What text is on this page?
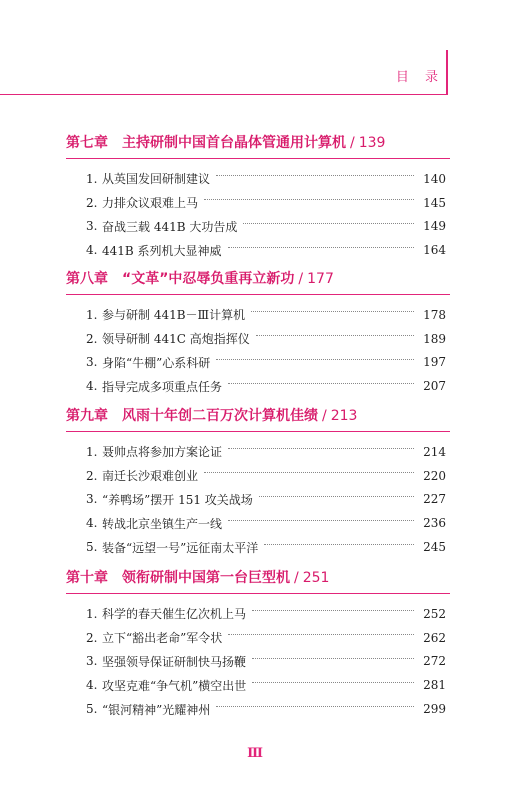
目 录
第七章 主持研制中国首台晶体管通用计算机 / 139
1. 从英国发回研制建议	140
2. 力排众议艰难上马	145
3. 奋战三载 441B 大功告成	149
4. 441B 系列机大显神威	164
第八章 “文革”中忍辱负重再立新功 / 177
1. 参与研制 441B－Ⅲ计算机	178
2. 领导研制 441C 高炮指挥仪	189
3. 身陷“牛棚”心系科研	197
4. 指导完成多项重点任务	207
第九章 风雨十年创二百万次计算机佳绩 / 213
1. 聂帅点将参加方案论证	214
2. 南迁长沙艰难创业	220
3. “养鸭场”摆开 151 攻关战场	227
4. 转战北京坐镇生产一线	236
5. 装备“远望一号”远征南太平洋	245
第十章 领衔研制中国第一台巨型机 / 251
1. 科学的春天催生亿次机上马	252
2. 立下“豁出老命”军令状	262
3. 坚强领导保证研制快马扬鞭	272
4. 攻坚克难“争气机”横空出世	281
5. “银河精神”光耀神州	299
Ⅲ
